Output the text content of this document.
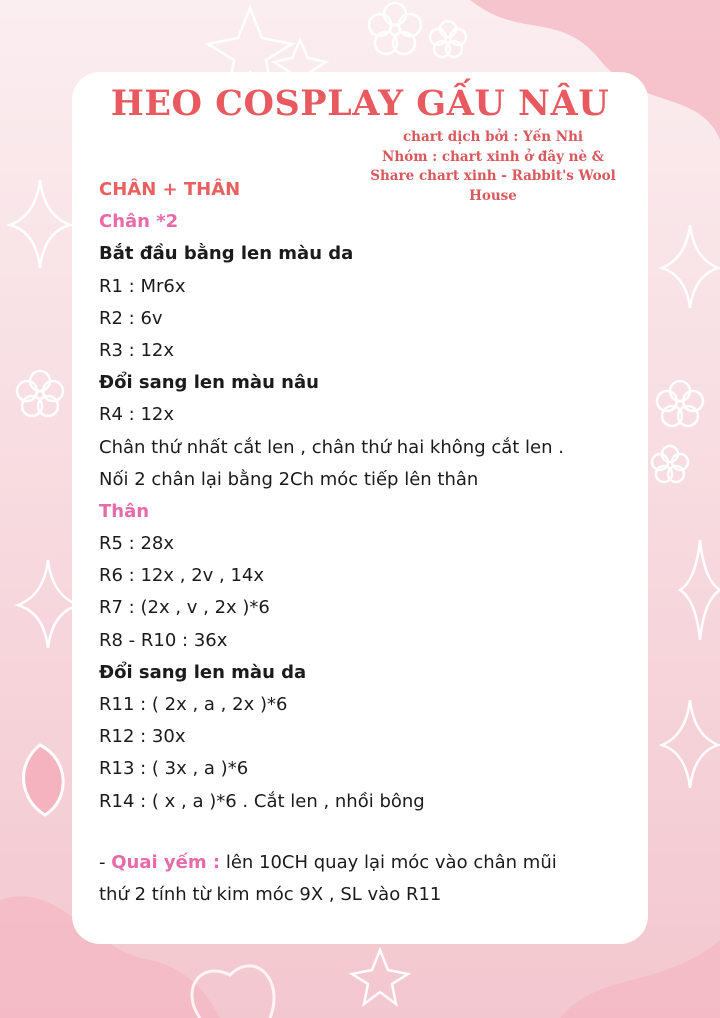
HEO COSPLAY GẤU NÂU
chart dịch bởi : Yến Nhi
Nhóm : chart xinh ở đây nè &
Share chart xinh - Rabbit's Wool
House
CHÂN + THÂN
Chân *2
Bắt đầu bằng len màu da
R1 : Mr6x
R2 : 6v
R3 : 12x
Đổi sang len màu nâu
R4 : 12x
Chân thứ nhất cắt len , chân thứ hai không cắt len .
Nối 2 chân lại bằng 2Ch móc tiếp lên thân
Thân
R5 : 28x
R6 : 12x , 2v , 14x
R7 : (2x , v , 2x )*6
R8 - R10 : 36x
Đổi sang len màu da
R11 : ( 2x , a , 2x )*6
R12 : 30x
R13 : ( 3x , a )*6
R14 : ( x , a )*6 . Cắt len , nhồi bông
- Quai yếm : lên 10CH quay lại móc vào chân mũi
thứ 2 tính từ kim móc 9X , SL vào R11
